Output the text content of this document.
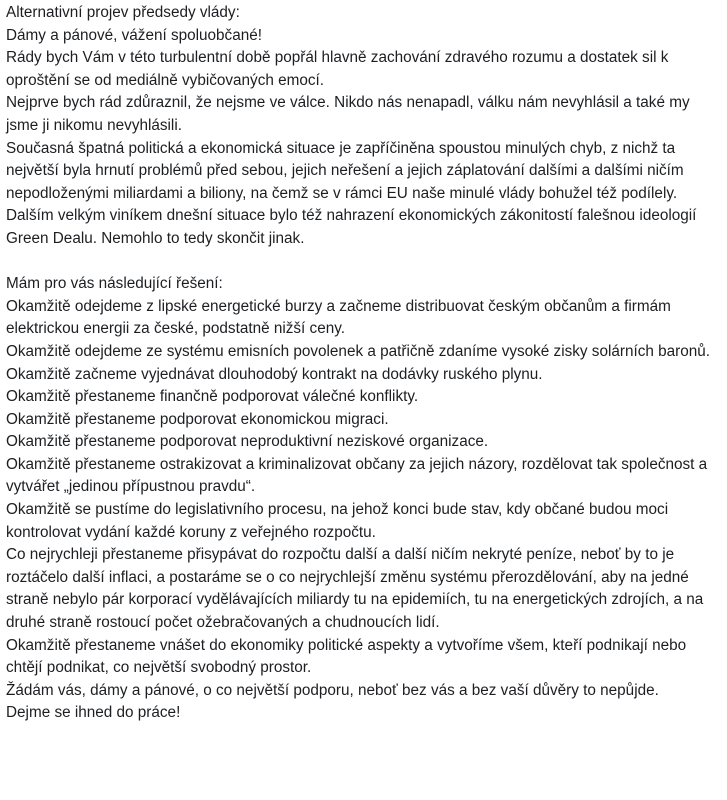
Alternativní projev předsedy vlády:

Dámy a pánové, vážení spoluobčané!

Rády bych Vám v této turbulentní době popřál hlavně zachování zdravého rozumu a dostatek sil k oproštění se od mediálně vybičovaných emocí.

Nejprve bych rád zdůraznil, že nejsme ve válce. Nikdo nás nenapadl, válku nám nevyhlásil a také my jsme ji nikomu nevyhlásili.

Současná špatná politická a ekonomická situace je zapříčiněna spoustou minulých chyb, z nichž ta největší byla hrnutí problémů před sebou, jejich neřešení a jejich záplatování dalšími a dalšími ničím nepodloženými miliardami a biliony, na čemž se v rámci EU naše minulé vlády bohužel též podílely. Dalším velkým viníkem dnešní situace bylo též nahrazení ekonomických zákonitostí falešnou ideologií Green Dealu. Nemohlo to tedy skončit jinak.

Mám pro vás následující řešení:

Okamžitě odejdeme z lipské energetické burzy a začneme distribuovat českým občanům a firmám elektrickou energii za české, podstatně nižší ceny.

Okamžitě odejdeme ze systému emisních povolenek a patřičně zdaníme vysoké zisky solárních baronů.

Okamžitě začneme vyjednávat dlouhodobý kontrakt na dodávky ruského plynu.

Okamžitě přestaneme finančně podporovat válečné konflikty.

Okamžitě přestaneme podporovat ekonomickou migraci.

Okamžitě přestaneme podporovat neproduktivní neziskové organizace.

Okamžitě přestaneme ostrakizovat a kriminalizovat občany za jejich názory, rozdělovat tak společnost a vytvářet „jedinou přípustnou pravdu“.

Okamžitě se pustíme do legislativního procesu, na jehož konci bude stav, kdy občané budou moci kontrolovat vydání každé koruny z veřejného rozpočtu.

Co nejrychleji přestaneme přisypávat do rozpočtu další a další ničím nekryté peníze, neboť by to je roztáčelo další inflaci, a postaráme se o co nejrychlejší změnu systému přerozdělování, aby na jedné straně nebylo pár korporací vydělávajících miliardy tu na epidemiích, tu na energetických zdrojích, a na druhé straně rostoucí počet ožebračovaných a chudnoucích lidí.

Okamžitě přestaneme vnášet do ekonomiky politické aspekty a vytvoříme všem, kteří podnikají nebo chtějí podnikat, co největší svobodný prostor.

Žádám vás, dámy a pánové, o co největší podporu, neboť bez vás a bez vaší důvěry to nepůjde.

Dejme se ihned do práce!
